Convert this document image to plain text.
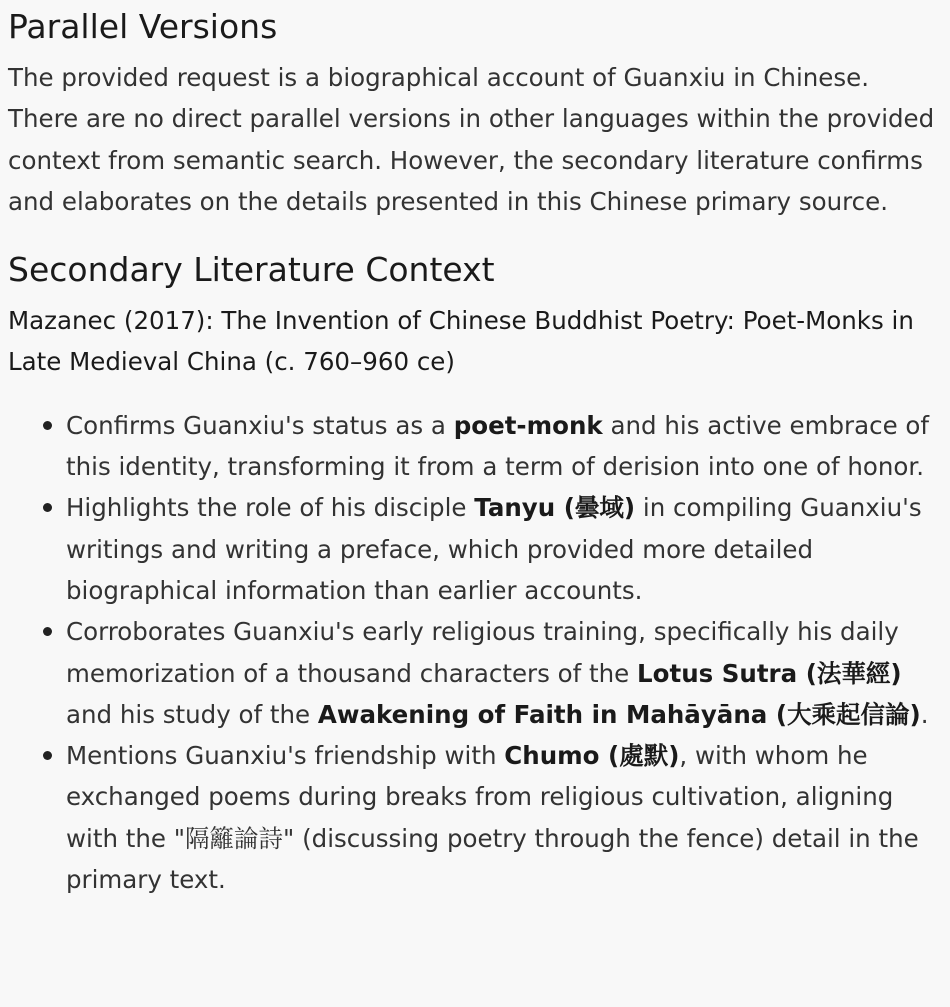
Parallel Versions

The provided request is a biographical account of Guanxiu in Chinese. There are no direct parallel versions in other languages within the provided context from semantic search. However, the secondary literature confirms and elaborates on the details presented in this Chinese primary source.

Secondary Literature Context
Mazanec (2017): The Invention of Chinese Buddhist Poetry: Poet-Monks in Late Medieval China (c. 760–960 ce)
Confirms Guanxiu's status as a poet-monk and his active embrace of this identity, transforming it from a term of derision into one of honor.
Highlights the role of his disciple Tanyu (曇域) in compiling Guanxiu's writings and writing a preface, which provided more detailed biographical information than earlier accounts.
Corroborates Guanxiu's early religious training, specifically his daily memorization of a thousand characters of the Lotus Sutra (法華經) and his study of the Awakening of Faith in Mahāyāna (大乘起信論).
Mentions Guanxiu's friendship with Chumo (處默), with whom he exchanged poems during breaks from religious cultivation, aligning with the "隔籬論詩" (discussing poetry through the fence) detail in the primary text.
